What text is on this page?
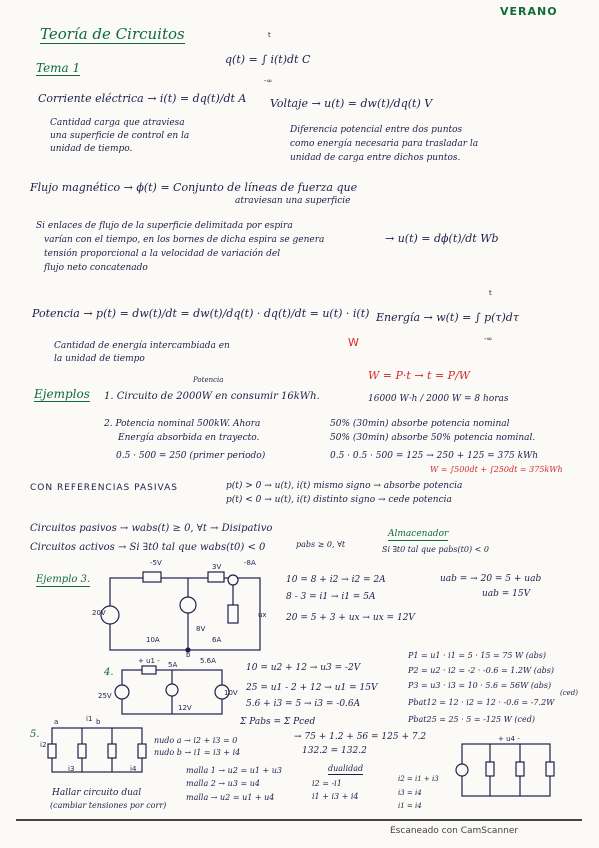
VERANO
Teoría de Circuitos
Tema 1
q(t) = ∫ i(t)dt C
t
-∞
Corriente eléctrica → i(t) = dq(t)/dt A
Cantidad carga que atraviesa
una superficie de control en la
unidad de tiempo.
Voltaje → u(t) = dw(t)/dq(t) V
Diferencia potencial entre dos puntos
como energía necesaria para trasladar la
unidad de carga entre dichos puntos.
Flujo magnético → ϕ(t) = Conjunto de líneas de fuerza que
atraviesan una superficie
Si enlaces de flujo de la superficie delimitada por espira
varían con el tiempo, en los bornes de dicha espira se genera
tensión proporcional a la velocidad de variación del
flujo neto concatenado
→ u(t) = dϕ(t)/dt Wb
Potencia → p(t) = dw(t)/dt = dw(t)/dq(t) · dq(t)/dt = u(t) · i(t) Energía → w(t) = ∫ p(τ)dτ
t
-∞
W
Cantidad de energía intercambiada en
la unidad de tiempo
W = P·t → t = P/W
Potencia
Ejemplos 1. Circuito de 2000W en consumir 16kWh.	16000 W·h / 2000 W = 8 horas
2. Potencia nominal 500kW. Ahora	50% (30min) absorbe potencia nominal
Energía absorbida en trayecto.	50% (30min) absorbe 50% potencia nominal.
0.5 · 500 = 250 (primer periodo)	0.5 · 0.5 · 500 = 125 → 250 + 125 = 375 kWh
W = ∫500dt + ∫250dt = 375kWh
CON REFERENCIAS PASIVAS	p(t) > 0 → u(t), i(t) mismo signo → absorbe potencia
p(t) < 0 → u(t), i(t) distinto signo → cede potencia
Circuitos pasivos → wabs(t) ≥ 0, ∀t → Disipativo
pabs ≥ 0, ∀t
Circuitos activos → Si ∃t0 tal que wabs(t0) < 0
Almacenador
Si ∃t0 tal que pabs(t0) < 0
Ejemplo 3.
-5V	3V	-8A
20V
8V
ux
10A	6A
b
10 = 8 + i2 → i2 = 2A
8 - 3 = i1 → i1 = 5A
20 = 5 + 3 + ux → ux = 12V
uab = → 20 = 5 + uab
uab = 15V
4.
+ u1 - 5A	5.6A
25V
12V
10V
10 = u2 + 12 → u3 = -2V
25 = u1 - 2 + 12 → u1 = 15V
5.6 + i3 = 5 → i3 = -0.6A
Σ Pabs = Σ Pced
→ 75 + 1.2 + 56 = 125 + 7.2
132.2 = 132.2
P1 = u1 · i1 = 5 · 15 = 75 W (abs)
P2 = u2 · i2 = -2 · -0.6 = 1.2W (abs)
P3 = u3 · i3 = 10 · 5.6 = 56W (abs)
(ced)
Pbat12 = 12 · i2 = 12 · -0.6 = -7.2W
Pbat25 = 25 · 5 = -125 W (ced)
5.
a	b
i1
i2
i3	i4
nudo a → i2 + i3 = 0
nudo b → i1 = i3 + i4
malla 1 → u2 = u1 + u3
malla 2 → u3 = u4
malla → u2 = u1 + u4
dualidad
i2 = -i1
i1 + i3 + i4
Hallar circuito dual
(cambiar tensiones por corr)
i2 = i1 + i3
i3 = i4
i1 = i4
+ u4 -
Escaneado con CamScanner
